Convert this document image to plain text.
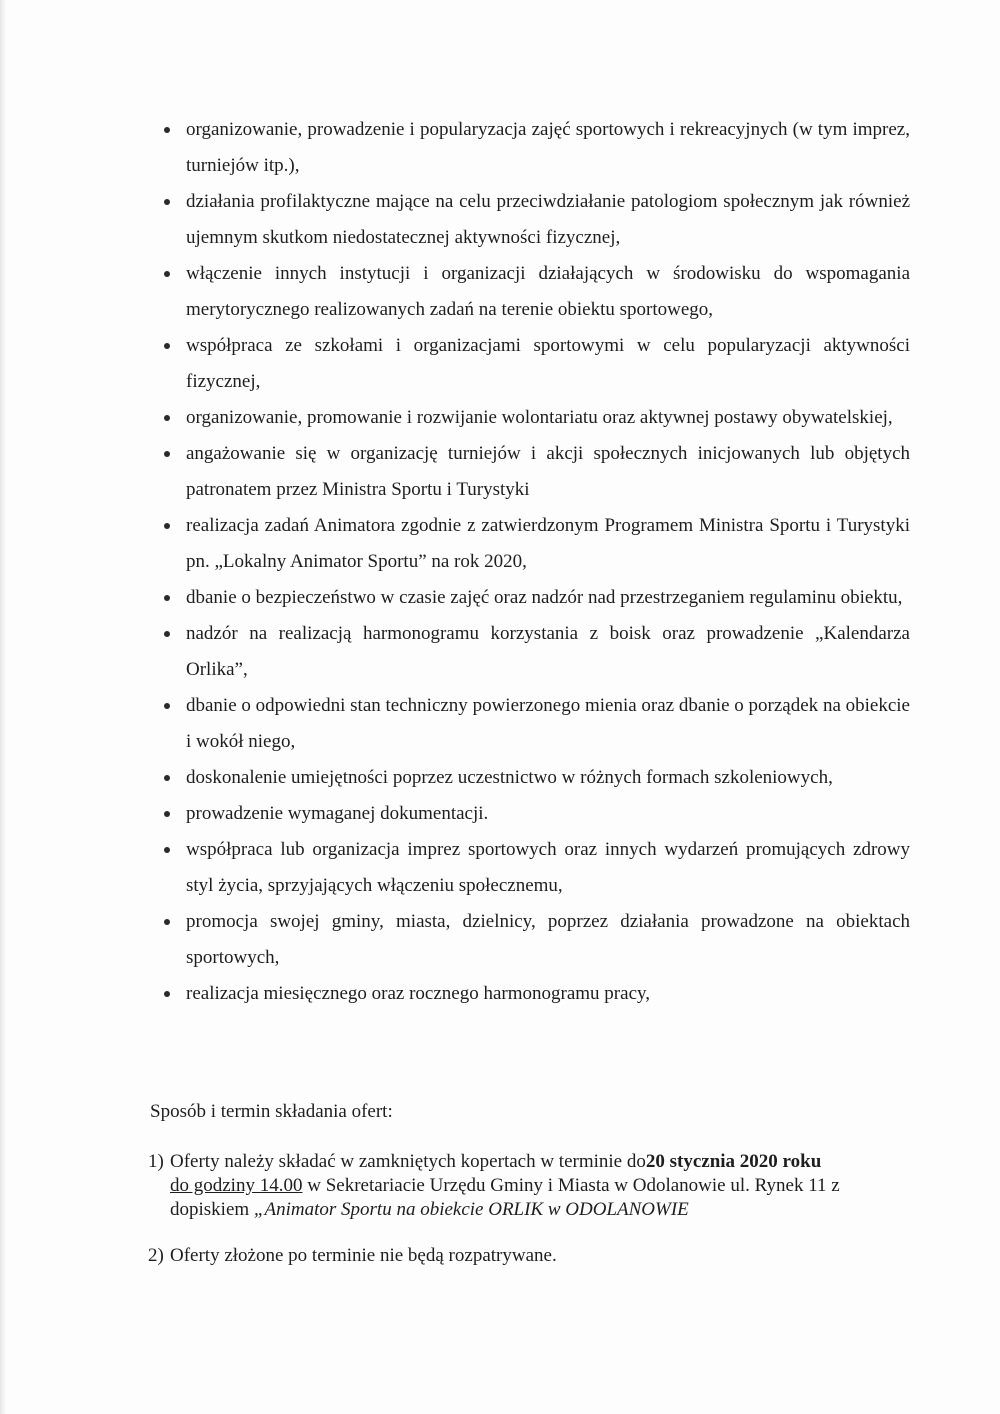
organizowanie, prowadzenie i popularyzacja zajęć sportowych i rekreacyjnych (w tym imprez, turniejów itp.),
działania profilaktyczne mające na celu przeciwdziałanie patologiom społecznym jak również ujemnym skutkom niedostatecznej aktywności fizycznej,
włączenie innych instytucji i organizacji działających w środowisku do wspomagania merytorycznego realizowanych zadań na terenie obiektu sportowego,
współpraca ze szkołami i organizacjami sportowymi w celu popularyzacji aktywności fizycznej,
organizowanie, promowanie i rozwijanie wolontariatu oraz aktywnej postawy obywatelskiej,
angażowanie się w organizację turniejów i akcji społecznych inicjowanych lub objętych patronatem przez Ministra Sportu i Turystyki
realizacja zadań Animatora zgodnie z zatwierdzonym Programem Ministra Sportu i Turystyki pn. „Lokalny Animator Sportu” na rok 2020,
dbanie o bezpieczeństwo w czasie zajęć oraz nadzór nad przestrzeganiem regulaminu obiektu,
nadzór na realizacją harmonogramu korzystania z boisk oraz prowadzenie „Kalendarza Orlika”,
dbanie o odpowiedni stan techniczny powierzonego mienia oraz dbanie o porządek na obiekcie i wokół niego,
doskonalenie umiejętności poprzez uczestnictwo w różnych formach szkoleniowych,
prowadzenie wymaganej dokumentacji.
współpraca lub organizacja imprez sportowych oraz innych wydarzeń promujących zdrowy styl życia, sprzyjających włączeniu społecznemu,
promocja swojej gminy, miasta, dzielnicy, poprzez działania prowadzone na obiektach sportowych,
realizacja miesięcznego oraz rocznego harmonogramu pracy,
Sposób i termin składania ofert:
1) Oferty należy składać w zamkniętych kopertach w terminie do20 stycznia 2020 roku
do godziny 14.00 w Sekretariacie Urzędu Gminy i Miasta w Odolanowie ul. Rynek 11 z dopiskiem „Animator Sportu na obiekcie ORLIK w ODOLANOWIE
2) Oferty złożone po terminie nie będą rozpatrywane.
